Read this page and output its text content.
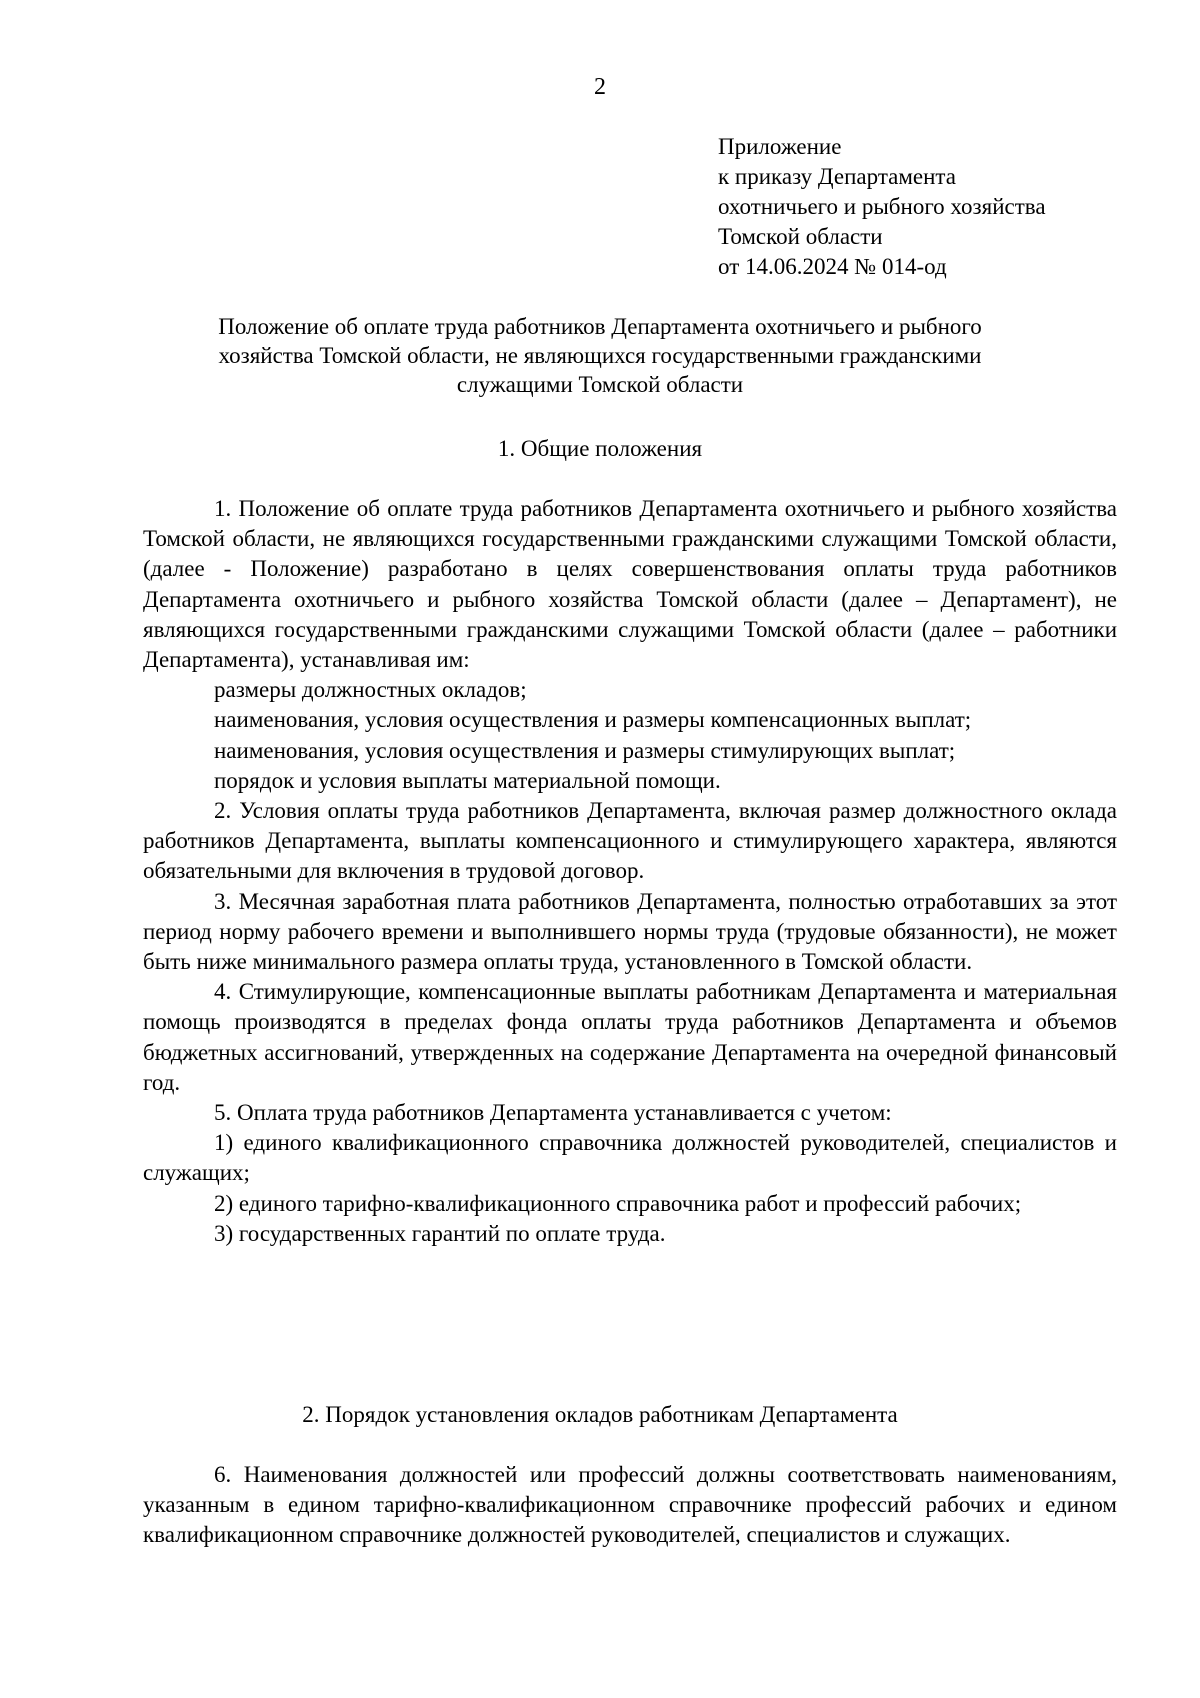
2
Приложение
к приказу Департамента
охотничьего и рыбного хозяйства
Томской области
от 14.06.2024 № 014-од
Положение об оплате труда работников Департамента охотничьего и рыбного
хозяйства Томской области, не являющихся государственными гражданскими
служащими Томской области
1. Общие положения

1. Положение об оплате труда работников Департамента охотничьего и рыбного хозяйства Томской области, не являющихся государственными гражданскими служащими Томской области, (далее - Положение) разработано в целях совершенствования оплаты труда работников Департамента охотничьего и рыбного хозяйства Томской области (далее – Департамент), не являющихся государственными гражданскими служащими Томской области (далее – работники Департамента), устанавливая им:

размеры должностных окладов;

наименования, условия осуществления и размеры компенсационных выплат;

наименования, условия осуществления и размеры стимулирующих выплат;

порядок и условия выплаты материальной помощи.

2. Условия оплаты труда работников Департамента, включая размер должностного оклада работников Департамента, выплаты компенсационного и стимулирующего характера, являются обязательными для включения в трудовой договор.

3. Месячная заработная плата работников Департамента, полностью отработавших за этот период норму рабочего времени и выполнившего нормы труда (трудовые обязанности), не может быть ниже минимального размера оплаты труда, установленного в Томской области.

4. Стимулирующие, компенсационные выплаты работникам Департамента и материальная помощь производятся в пределах фонда оплаты труда работников Департамента и объемов бюджетных ассигнований, утвержденных на содержание Департамента на очередной финансовый год.

5. Оплата труда работников Департамента устанавливается с учетом:

1) единого квалификационного справочника должностей руководителей, специалистов и служащих;

2) единого тарифно-квалификационного справочника работ и профессий рабочих;

3) государственных гарантий по оплате труда.

2. Порядок установления окладов работникам Департамента

6. Наименования должностей или профессий должны соответствовать наименованиям, указанным в едином тарифно-квалификационном справочнике профессий рабочих и едином квалификационном справочнике должностей руководителей, специалистов и служащих.
